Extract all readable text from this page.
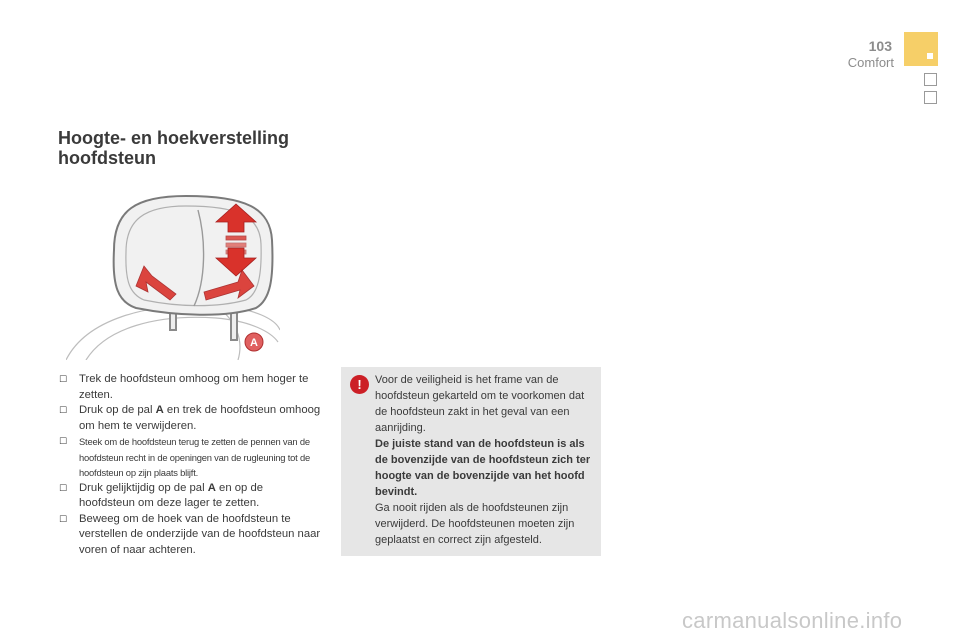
103
Comfort
Hoogte- en hoekverstelling hoofdsteun
A
☐ Trek de hoofdsteun omhoog om hem hoger te zetten.
☐ Druk op de pal A en trek de hoofdsteun omhoog om hem te verwijderen.
☐ Steek om de hoofdsteun terug te zetten de pennen van de hoofdsteun recht in de openingen van de rugleuning tot de hoofdsteun op zijn plaats blijft.
☐ Druk gelijktijdig op de pal A en op de hoofdsteun om deze lager te zetten.
☐ Beweeg om de hoek van de hoofdsteun te verstellen de onderzijde van de hoofdsteun naar voren of naar achteren.
!	Voor de veiligheid is het frame van de hoofdsteun gekarteld om te voorkomen dat de hoofdsteun zakt in het geval van een aanrijding.
De juiste stand van de hoofdsteun is als de bovenzijde van de hoofdsteun zich ter hoogte van de bovenzijde van het hoofd bevindt.
Ga nooit rijden als de hoofdsteunen zijn verwijderd. De hoofdsteunen moeten zijn geplaatst en correct zijn afgesteld.

carmanualsonline.info
